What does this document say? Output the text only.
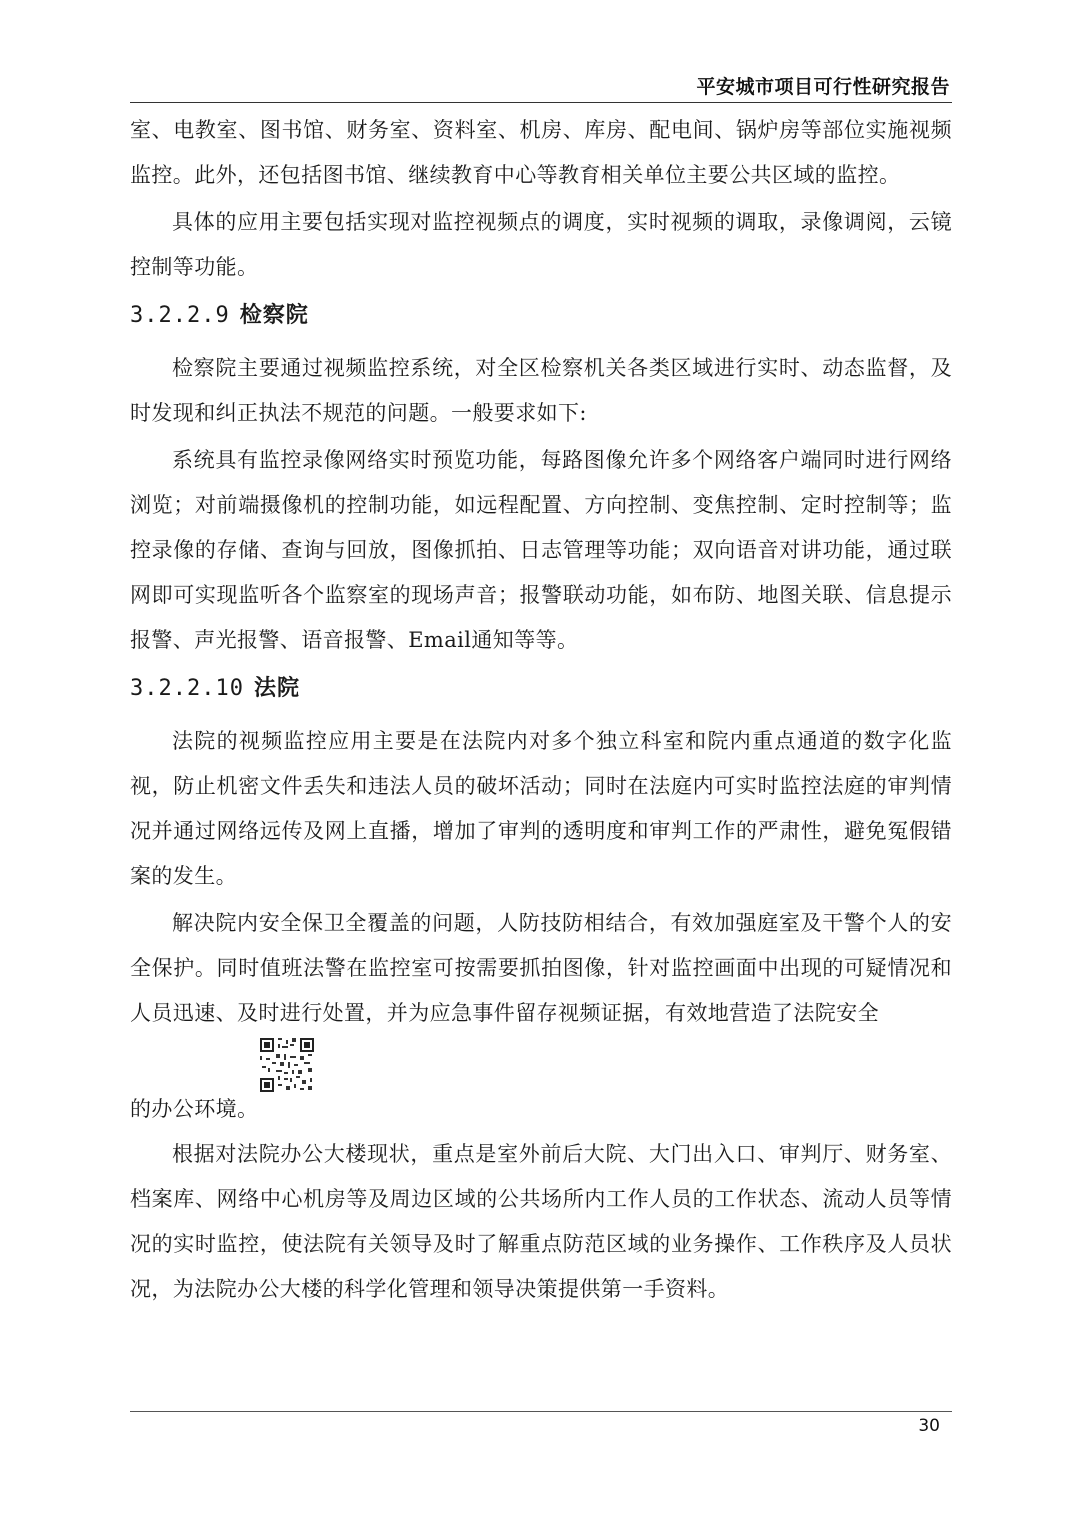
平安城市项目可行性研究报告

室、电教室、图书馆、财务室、资料室、机房、库房、配电间、锅炉房等部位实施视频监控。此外，还包括图书馆、继续教育中心等教育相关单位主要公共区域的监控。

具体的应用主要包括实现对监控视频点的调度，实时视频的调取，录像调阅，云镜控制等功能。

3.2.2.9 检察院

检察院主要通过视频监控系统，对全区检察机关各类区域进行实时、动态监督，及时发现和纠正执法不规范的问题。一般要求如下:

系统具有监控录像网络实时预览功能，每路图像允许多个网络客户端同时进行网络浏览；对前端摄像机的控制功能，如远程配置、方向控制、变焦控制、定时控制等；监控录像的存储、查询与回放，图像抓拍、日志管理等功能；双向语音对讲功能，通过联网即可实现监听各个监察室的现场声音；报警联动功能，如布防、地图关联、信息提示报警、声光报警、语音报警、Email通知等等。

3.2.2.10 法院

法院的视频监控应用主要是在法院内对多个独立科室和院内重点通道的数字化监视，防止机密文件丢失和违法人员的破坏活动；同时在法庭内可实时监控法庭的审判情况并通过网络远传及网上直播，增加了审判的透明度和审判工作的严肃性，避免冤假错案的发生。

解决院内安全保卫全覆盖的问题，人防技防相结合，有效加强庭室及干警个人的安全保护。同时值班法警在监控室可按需要抓拍图像，针对监控画面中出现的可疑情况和人员迅速、及时进行处置，并为应急事件留存视频证据，有效地营造了法院安全

的办公环境。

根据对法院办公大楼现状，重点是室外前后大院、大门出入口、审判厅、财务室、档案库、网络中心机房等及周边区域的公共场所内工作人员的工作状态、流动人员等情况的实时监控，使法院有关领导及时了解重点防范区域的业务操作、工作秩序及人员状况，为法院办公大楼的科学化管理和领导决策提供第一手资料。

30
